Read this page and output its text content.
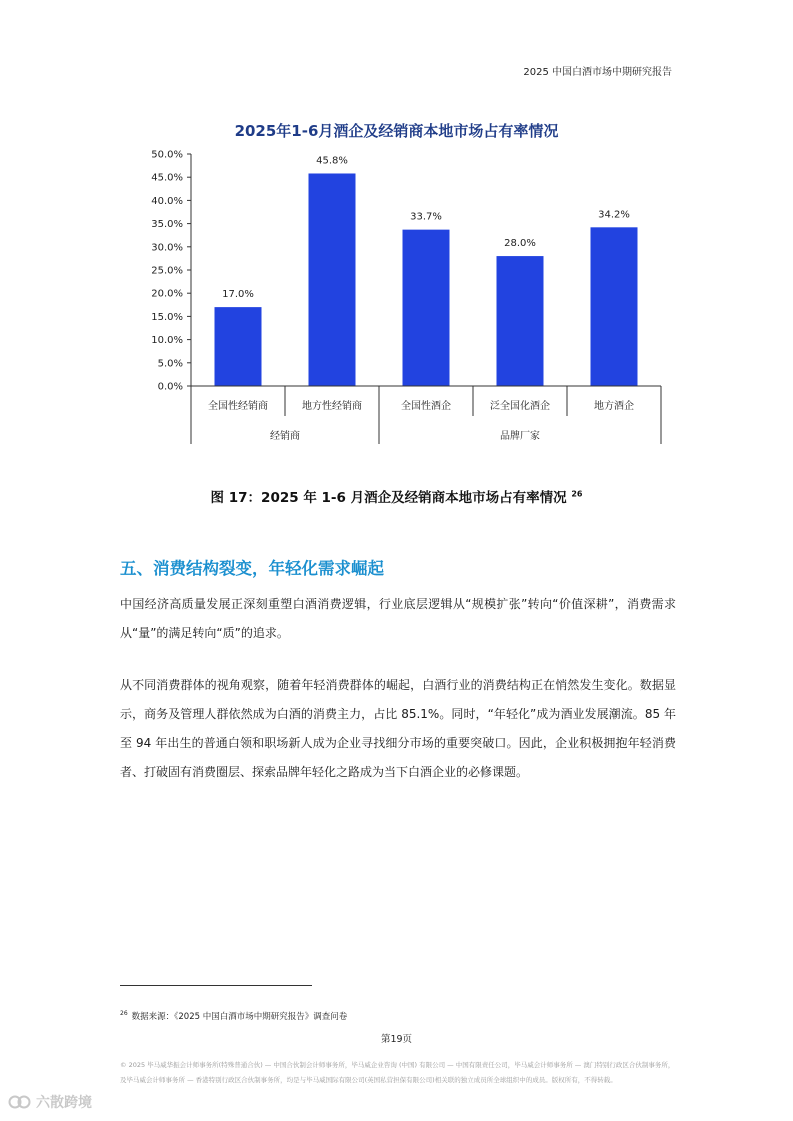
2025 中国白酒市场中期研究报告
2025年1-6月酒企及经销商本地市场占有率情况
0.0%
5.0%
10.0%
15.0%
20.0%
25.0%
30.0%
35.0%
40.0%
45.0%
50.0%
17.0%
45.8%
33.7%
28.0%
34.2%
全国性经销商	地方性经销商	全国性酒企	泛全国化酒企	地方酒企
经销商	品牌厂家
图 17：2025 年 1-6 月酒企及经销商本地市场占有率情况 $^{26}$
五、消费结构裂变，年轻化需求崛起

中国经济高质量发展正深刻重塑白酒消费逻辑，行业底层逻辑从“规模扩张”转向“价值深耕”，消费需求从“量”的满足转向“质”的追求。

从不同消费群体的视角观察，随着年轻消费群体的崛起，白酒行业的消费结构正在悄然发生变化。数据显示，商务及管理人群依然成为白酒的消费主力，占比 85.1%。同时，“年轻化”成为酒业发展潮流。85 年至 94 年出生的普通白领和职场新人成为企业寻找细分市场的重要突破口。因此，企业积极拥抱年轻消费者、打破固有消费圈层、探索品牌年轻化之路成为当下白酒企业的必修课题。

$^{26}$ 数据来源：《2025 中国白酒市场中期研究报告》调查问卷
第19页

© 2025 毕马威华振会计师事务所(特殊普通合伙) — 中国合伙制会计师事务所，毕马威企业咨询 (中国) 有限公司 — 中国有限责任公司，毕马威会计师事务所 — 澳门特别行政区合伙制事务所，及毕马威会计师事务所 — 香港特别行政区合伙制事务所，均是与毕马威国际有限公司(英国私营担保有限公司)相关联的独立成员所全球组织中的成员。版权所有，不得转载。

六散跨境
